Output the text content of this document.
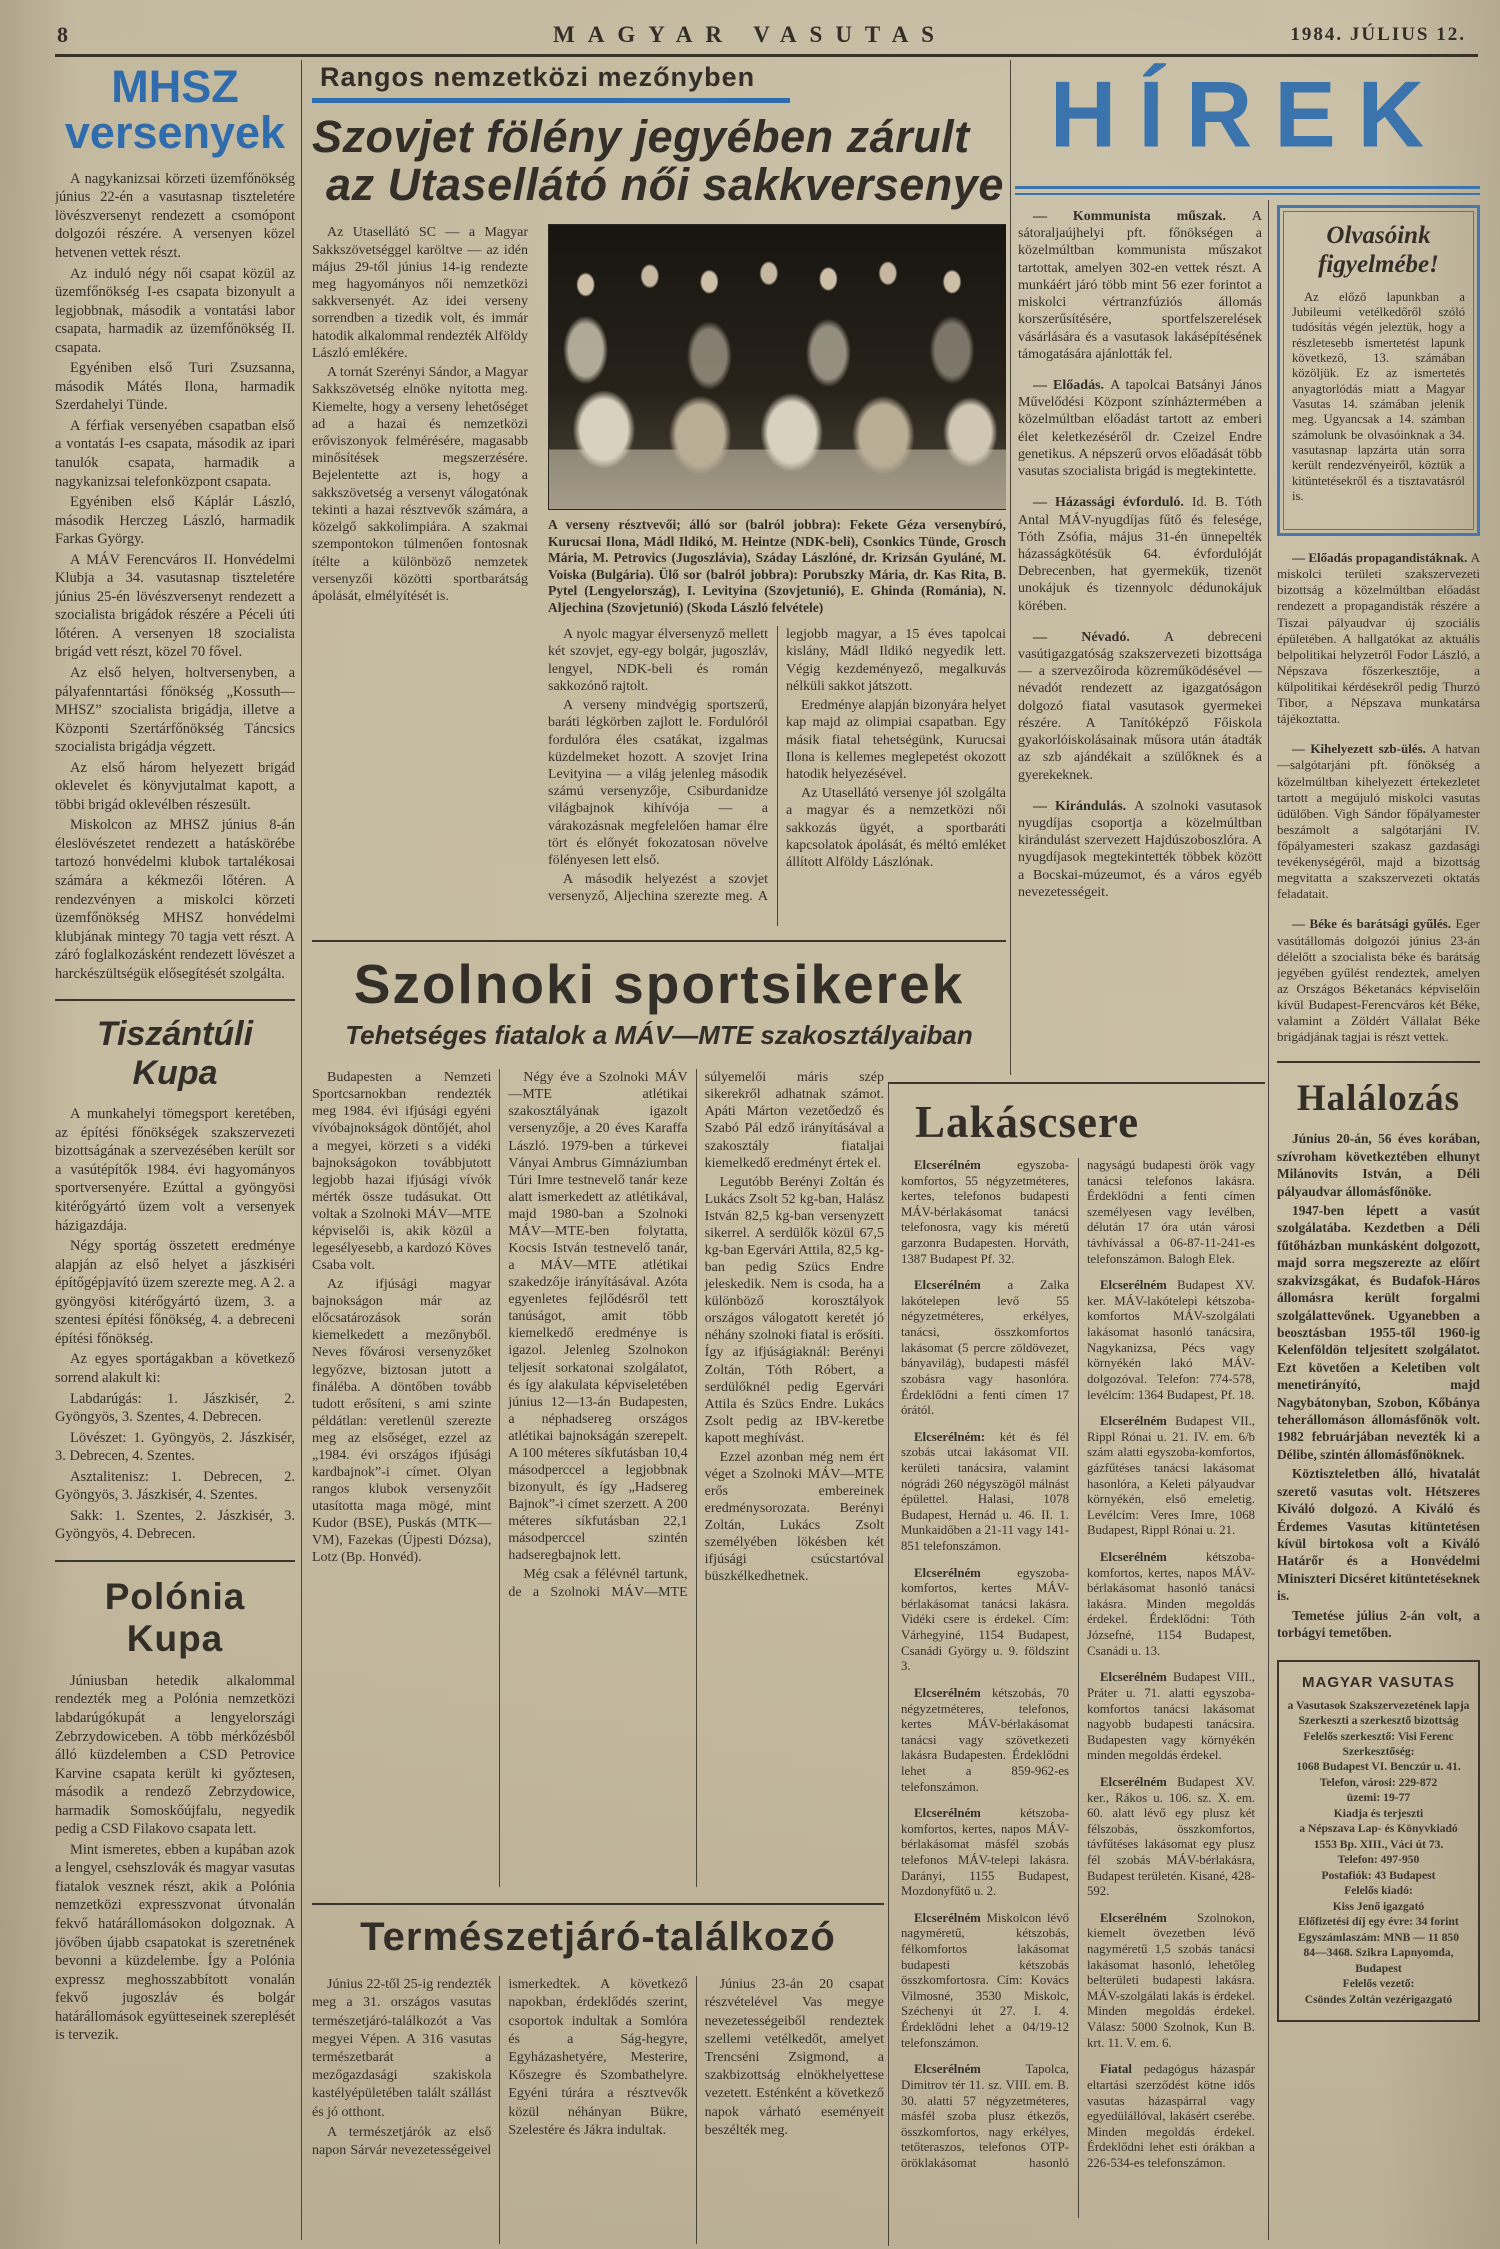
8	MAGYAR VASUTAS	1984. JÚLIUS 12.
MHSZ
versenyek

A nagykanizsai körzeti üzemfőnökség június 22-én a vasutasnap tiszteletére lövészversenyt rendezett a csomópont dolgozói részére. A versenyen közel hetvenen vettek részt.

Az induló négy női csapat közül az üzemfőnökség I-es csapata bizonyult a legjobbnak, második a vontatási labor csapata, harmadik az üzemfőnökség II. csapata.

Egyéniben első Turi Zsuzsanna, második Mátés Ilona, harmadik Szerdahelyi Tünde.

A férfiak versenyében csapatban első a vontatás I-es csapata, második az ipari tanulók csapata, harmadik a nagykanizsai telefonközpont csapata.

Egyéniben első Káplár László, második Herczeg László, harmadik Farkas György.

A MÁV Ferencváros II. Honvédelmi Klubja a 34. vasutasnap tiszteletére június 25-én lövészversenyt rendezett a szocialista brigádok részére a Péceli úti lőtéren. A versenyen 18 szocialista brigád vett részt, közel 70 fővel.

Az első helyen, holtversenyben, a pályafenntartási főnökség „Kossuth—MHSZ” szocialista brigádja, illetve a Központi Szertárfőnökség Táncsics szocialista brigádja végzett.

Az első három helyezett brigád oklevelet és könyvjutalmat kapott, a többi brigád oklevélben részesült.

Miskolcon az MHSZ június 8-án éleslövészetet rendezett a hatáskörébe tartozó honvédelmi klubok tartalékosai számára a kékmezői lőtéren. A rendezvényen a miskolci körzeti üzemfőnökség MHSZ honvédelmi klubjának mintegy 70 tagja vett részt. A záró foglalkozásként rendezett lövészet a harckészültségük elősegítését szolgálta.

Tiszántúli Kupa

A munkahelyi tömegsport keretében, az építési főnökségek szakszervezeti bizottságának a szervezésében került sor a vasútépítők 1984. évi hagyományos sportversenyére. Ezúttal a gyöngyösi kitérőgyártó üzem volt a versenyek házigazdája.

Négy sportág összetett eredménye alapján az első helyet a jászkiséri építőgépjavító üzem szerezte meg. A 2. a gyöngyösi kitérőgyártó üzem, 3. a szentesi építési főnökség, 4. a debreceni építési főnökség.

Az egyes sportágakban a következő sorrend alakult ki:

Labdarúgás: 1. Jászkisér, 2. Gyöngyös, 3. Szentes, 4. Debrecen.

Lövészet: 1. Gyöngyös, 2. Jászkisér, 3. Debrecen, 4. Szentes.

Asztalitenisz: 1. Debrecen, 2. Gyöngyös, 3. Jászkisér, 4. Szentes.

Sakk: 1. Szentes, 2. Jászkisér, 3. Gyöngyös, 4. Debrecen.

Polónia Kupa

Júniusban hetedik alkalommal rendezték meg a Polónia nemzetközi labdarúgókupát a lengyelországi Zebrzydowiceben. A több mérkőzésből álló küzdelemben a CSD Petrovice Karvine csapata került ki győztesen, második a rendező Zebrzydowice, harmadik Somoskőújfalu, negyedik pedig a CSD Filakovo csapata lett.

Mint ismeretes, ebben a kupában azok a lengyel, csehszlovák és magyar vasutas fiatalok vesznek részt, akik a Polónia nemzetközi expresszvonat útvonalán fekvő határállomásokon dolgoznak. A jövőben újabb csapatokat is szeretnének bevonni a küzdelembe. Így a Polónia expressz meghosszabbított vonalán fekvő jugoszláv és bolgár határállomások együtteseinek szereplését is tervezik.

Rangos nemzetközi mezőnyben
Szovjet fölény jegyében zárult
az Utasellátó női sakkversenye

Az Utasellátó SC — a Magyar Sakkszövetséggel karöltve — az idén május 29-től június 14-ig rendezte meg hagyományos női nemzetközi sakkversenyét. Az idei verseny sorrendben a tizedik volt, és immár hatodik alkalommal rendezték Alföldy László emlékére.

A tornát Szerényi Sándor, a Magyar Sakkszövetség elnöke nyitotta meg. Kiemelte, hogy a verseny lehetőséget ad a hazai és nemzetközi erőviszonyok felmérésére, magasabb minősítések megszerzésére. Bejelentette azt is, hogy a sakkszövetség a versenyt válogatónak tekinti a hazai résztvevők számára, a közelgő sakkolimpiára. A szakmai szempontokon túlmenően fontosnak ítélte a különböző nemzetek versenyzői közötti sportbarátság ápolását, elmélyítését is.

A verseny résztvevői; álló sor (balról jobbra): Fekete Géza versenybíró, Kurucsai Ilona, Mádl Ildikó, M. Heintze (NDK-beli), Csonkics Tünde, Grosch Mária, M. Petrovics (Jugoszlávia), Száday Lászlóné, dr. Krizsán Gyuláné, M. Voiska (Bulgária). Ülő sor (balról jobbra): Porubszky Mária, dr. Kas Rita, B. Pytel (Lengyelország), I. Levityina (Szovjetunió), E. Ghinda (Románia), N. Aljechina (Szovjetunió) (Skoda László felvétele)

A nyolc magyar élversenyző mellett két szovjet, egy-egy bolgár, jugoszláv, lengyel, NDK-beli és román sakkozónő rajtolt.

A verseny mindvégig sportszerű, baráti légkörben zajlott le. Fordulóról fordulóra éles csatákat, izgalmas küzdelmeket hozott. A szovjet Irina Levityina — a világ jelenleg második számú versenyzője, Csiburdanidze világbajnok kihívója — a várakozásnak megfelelően hamar élre tört és előnyét fokozatosan növelve fölényesen lett első.

A második helyezést a szovjet versenyző, Aljechina szerezte meg. A legjobb magyar, a 15 éves tapolcai kislány, Mádl Ildikó negyedik lett. Végig kezdeményező, megalkuvás nélküli sakkot játszott.

Eredménye alapján bizonyára helyet kap majd az olimpiai csapatban. Egy másik fiatal tehetségünk, Kurucsai Ilona is kellemes meglepetést okozott hatodik helyezésével.

Az Utasellátó versenye jól szolgálta a magyar és a nemzetközi női sakkozás ügyét, a sportbaráti kapcsolatok ápolását, és méltó emléket állított Alföldy Lászlónak.

Szolnoki sportsikerek
Tehetséges fiatalok a MÁV—MTE szakosztályaiban

Budapesten a Nemzeti Sportcsarnokban rendezték meg 1984. évi ifjúsági egyéni vívóbajnokságok döntőjét, ahol a megyei, körzeti s a vidéki bajnokságokon továbbjutott legjobb hazai ifjúsági vívók mérték össze tudásukat. Ott voltak a Szolnoki MÁV—MTE képviselői is, akik közül a legesélyesebb, a kardozó Köves Csaba volt.

Az ifjúsági magyar bajnokságon már az előcsatározások során kiemelkedett a mezőnyből. Neves fővárosi versenyzőket legyőzve, biztosan jutott a fináléba. A döntőben tovább tudott erősíteni, s ami szinte példátlan: veretlenül szerezte meg az elsőséget, ezzel az „1984. évi országos ifjúsági kardbajnok”-i címet. Olyan rangos klubok versenyzőit utasította maga mögé, mint Kudor (BSE), Puskás (MTK—VM), Fazekas (Újpesti Dózsa), Lotz (Bp. Honvéd).

Négy éve a Szolnoki MÁV—MTE atlétikai szakosztályának igazolt versenyzője, a 20 éves Karaffa László. 1979-ben a túrkevei Ványai Ambrus Gimnáziumban Túri Imre testnevelő tanár keze alatt ismerkedett az atlétikával, majd 1980-ban a Szolnoki MÁV—MTE-ben folytatta, Kocsis István testnevelő tanár, a MÁV—MTE atlétikai szakedzője irányításával. Azóta egyenletes fejlődésről tett tanúságot, amit több kiemelkedő eredménye is igazol. Jelenleg Szolnokon teljesít sorkatonai szolgálatot, és így alakulata képviseletében június 12—13-án Budapesten, a néphadsereg országos atlétikai bajnokságán szerepelt. A 100 méteres síkfutásban 10,4 másodperccel a legjobbnak bizonyult, és így „Hadsereg Bajnok”-i címet szerzett. A 200 méteres síkfutásban 22,1 másodperccel szintén hadseregbajnok lett.

Még csak a félévnél tartunk, de a Szolnoki MÁV—MTE súlyemelői máris szép sikerekről adhatnak számot. Apáti Márton vezetőedző és Szabó Pál edző irányításával a szakosztály fiataljai kiemelkedő eredményt értek el.

Legutóbb Berényi Zoltán és Lukács Zsolt 52 kg-ban, Halász István 82,5 kg-ban versenyzett sikerrel. A serdülők közül 67,5 kg-ban Egervári Attila, 82,5 kg-ban pedig Szücs Endre jeleskedik. Nem is csoda, ha a különböző korosztályok országos válogatott keretét jó néhány szolnoki fiatal is erősíti. Így az ifjúságiaknál: Berényi Zoltán, Tóth Róbert, a serdülőknél pedig Egervári Attila és Szücs Endre. Lukács Zsolt pedig az IBV-keretbe kapott meghívást.

Ezzel azonban még nem ért véget a Szolnoki MÁV—MTE erős embereinek eredménysorozata. Berényi Zoltán, Lukács Zsolt személyében lökésben két ifjúsági csúcstartóval büszkélkedhetnek.

Természetjáró-találkozó

Június 22-től 25-ig rendezték meg a 31. országos vasutas természetjáró-találkozót a Vas megyei Vépen. A 316 vasutas természetbarát a mezőgazdasági szakiskola kastélyépületében talált szállást és jó otthont.

A természetjárók az első napon Sárvár nevezetességeivel ismerkedtek. A következő napokban, érdeklődés szerint, csoportok indultak a Somlóra és a Ság-hegyre, Egyházashetyére, Mesterire, Kőszegre és Szombathelyre. Egyéni túrára a résztvevők közül néhányan Bükre, Szelestére és Jákra indultak.

Június 23-án 20 csapat részvételével Vas megye nevezetességeiből rendeztek szellemi vetélkedőt, amelyet Trencséni Zsigmond, a szakbizottság elnökhelyettese vezetett. Esténként a következő napok várható eseményeit beszélték meg.

HÍREK

— Kommunista műszak. A sátoraljaújhelyi pft. főnökségen a közelmúltban kommunista műszakot tartottak, amelyen 302-en vettek részt. A munkáért járó több mint 56 ezer forintot a miskolci vértranzfúziós állomás korszerűsítésére, sportfelszerelések vásárlására és a vasutasok lakásépítésének támogatására ajánlották fel.

— Előadás. A tapolcai Batsányi János Művelődési Központ színháztermében a közelmúltban előadást tartott az emberi élet keletkezéséről dr. Czeizel Endre genetikus. A népszerű orvos előadását több vasutas szocialista brigád is megtekintette.

— Házassági évforduló. Id. B. Tóth Antal MÁV-nyugdíjas fűtő és felesége, Tóth Zsófia, május 31-én ünnepelték házasságkötésük 64. évfordulóját Debrecenben, hat gyermekük, tizenöt unokájuk és tizennyolc dédunokájuk körében.

— Névadó. A debreceni vasútigazgatóság szakszervezeti bizottsága — a szervezőiroda közreműködésével — névadót rendezett az igazgatóságon dolgozó fiatal vasutasok gyermekei részére. A Tanítóképző Főiskola gyakorlóiskolásainak műsora után átadták az szb ajándékait a szülőknek és a gyerekeknek.

— Kirándulás. A szolnoki vasutasok nyugdíjas csoportja a közelmúltban kirándulást szervezett Hajdúszoboszlóra. A nyugdíjasok megtekintették többek között a Bocskai-múzeumot, és a város egyéb nevezetességeit.

Lakáscsere

Elcserélném egyszoba-komfortos, 55 négyzetméteres, kertes, telefonos budapesti MÁV-bérlakásomat tanácsi telefonosra, vagy kis méretű garzonra Budapesten. Horváth, 1387 Budapest Pf. 32.

Elcserélném a Zalka lakótelepen levő 55 négyzetméteres, erkélyes, tanácsi, összkomfortos lakásomat (5 percre zöldövezet, bányavilág), budapesti másfél szobásra vagy hasonlóra. Érdeklődni a fenti címen 17 órától.

Elcserélném: két és fél szobás utcai lakásomat VII. kerületi tanácsira, valamint nógrádi 260 négyszögöl málnást épülettel. Halasi, 1078 Budapest, Hernád u. 46. II. 1. Munkaidőben a 21-11 vagy 141-851 telefonszámon.

Elcserélném egyszoba-komfortos, kertes MÁV-bérlakásomat tanácsi lakásra. Vidéki csere is érdekel. Cím: Várhegyiné, 1154 Budapest, Csanádi György u. 9. földszint 3.

Elcserélném kétszobás, 70 négyzetméteres, telefonos, kertes MÁV-bérlakásomat tanácsi vagy szövetkezeti lakásra Budapesten. Érdeklődni lehet a 859-962-es telefonszámon.

Elcserélném kétszoba-komfortos, kertes, napos MÁV-bérlakásomat másfél szobás telefonos MÁV-telepi lakásra. Darányi, 1155 Budapest, Mozdonyfűtő u. 2.

Elcserélném Miskolcon lévő nagyméretű, kétszobás, félkomfortos lakásomat budapesti kétszobás összkomfortosra. Cím: Kovács Vilmosné, 3530 Miskolc, Széchenyi út 27. I. 4. Érdeklődni lehet a 04/19-12 telefonszámon.

Elcserélném Tapolca, Dimitrov tér 11. sz. VIII. em. B. 30. alatti 57 négyzetméteres, másfél szoba plusz étkezős, összkomfortos, nagy erkélyes, tetőteraszos, telefonos OTP-öröklakásomat hasonló nagyságú budapesti örök vagy tanácsi telefonos lakásra. Érdeklődni a fenti címen személyesen vagy levélben, délután 17 óra után városi távhívással a 06-87-11-241-es telefonszámon. Balogh Elek.

Elcserélném Budapest XV. ker. MÁV-lakótelepi kétszoba-komfortos MÁV-szolgálati lakásomat hasonló tanácsira, Nagykanizsa, Pécs vagy környékén lakó MÁV-dolgozóval. Telefon: 774-578, levélcím: 1364 Budapest, Pf. 18.

Elcserélném Budapest VII., Rippl Rónai u. 21. IV. em. 6/b szám alatti egyszoba-komfortos, gázfűtéses tanácsi lakásomat hasonlóra, a Keleti pályaudvar környékén, első emeletig. Levélcím: Veres Imre, 1068 Budapest, Rippl Rónai u. 21.

Elcserélném kétszoba-komfortos, kertes, napos MÁV-bérlakásomat hasonló tanácsi lakásra. Minden megoldás érdekel. Érdeklődni: Tóth Józsefné, 1154 Budapest, Csanádi u. 13.

Elcserélném Budapest VIII., Práter u. 71. alatti egyszoba-komfortos tanácsi lakásomat nagyobb budapesti tanácsira. Budapesten vagy környékén minden megoldás érdekel.

Elcserélném Budapest XV. ker., Rákos u. 106. sz. X. em. 60. alatt lévő egy plusz két félszobás, összkomfortos, távfűtéses lakásomat egy plusz fél szobás MÁV-bérlakásra, Budapest területén. Kisané, 428-592.

Elcserélném Szolnokon, kiemelt övezetben lévő nagyméretű 1,5 szobás tanácsi lakásomat hasonló, lehetőleg belterületi budapesti lakásra. MÁV-szolgálati lakás is érdekel. Minden megoldás érdekel. Válasz: 5000 Szolnok, Kun B. krt. 11. V. em. 6.

Fiatal pedagógus házaspár eltartási szerződést kötne idős vasutas házaspárral vagy egyedülállóval, lakásért cserébe. Minden megoldás érdekel. Érdeklődni lehet esti órákban a 226-534-es telefonszámon.

Olvasóink
figyelmébe!

Az előző lapunkban a Jubileumi vetélkedőről szóló tudósítás végén jeleztük, hogy a részletesebb ismertetést lapunk következő, 13. számában közöljük. Ez az ismertetés anyagtorlódás miatt a Magyar Vasutas 14. számában jelenik meg. Ugyancsak a 14. számban számolunk be olvasóinknak a 34. vasutasnap lapzárta után sorra került rendezvényeiről, köztük a kitüntetésekről és a tisztavatásról is.

— Előadás propagandistáknak. A miskolci területi szakszervezeti bizottság a közelmúltban előadást rendezett a propagandisták részére a Tiszai pályaudvar új szociális épületében. A hallgatókat az aktuális belpolitikai helyzetről Fodor László, a Népszava főszerkesztője, a külpolitikai kérdésekről pedig Thurzó Tibor, a Népszava munkatársa tájékoztatta.

— Kihelyezett szb-ülés. A hatvan—salgótarjáni pft. főnökség a közelmúltban kihelyezett értekezletet tartott a megújuló miskolci vasutas üdülőben. Vigh Sándor főpályamester beszámolt a salgótarjáni IV. főpályamesteri szakasz gazdasági tevékenységéről, majd a bizottság megvitatta a szakszervezeti oktatás feladatait.

— Béke és barátsági gyűlés. Eger vasútállomás dolgozói június 23-án délelőtt a szocialista béke és barátság jegyében gyűlést rendeztek, amelyen az Országos Béketanács képviselőin kívül Budapest-Ferencváros két Béke, valamint a Zöldért Vállalat Béke brigádjának tagjai is részt vettek.

Halálozás

Június 20-án, 56 éves korában, szívroham következtében elhunyt Milánovits István, a Déli pályaudvar állomásfőnöke.

1947-ben lépett a vasút szolgálatába. Kezdetben a Déli fűtőházban munkásként dolgozott, majd sorra megszerezte az előírt szakvizsgákat, és Budafok-Háros állomásra került forgalmi szolgálattevőnek. Ugyanebben a beosztásban 1955-től 1960-ig Kelenföldön teljesített szolgálatot. Ezt követően a Keletiben volt menetirányító, majd Nagybátonyban, Szobon, Kőbánya teherállomáson állomásfőnök volt. 1982 februárjában nevezték ki a Délibe, szintén állomásfőnöknek.

Köztiszteletben álló, hivatalát szerető vasutas volt. Hétszeres Kiváló dolgozó. A Kiváló és Érdemes Vasutas kitüntetésen kívül birtokosa volt a Kiváló Határőr és a Honvédelmi Miniszteri Dicséret kitüntetéseknek is.

Temetése július 2-án volt, a torbágyi temetőben.

MAGYAR VASUTAS
a Vasutasok Szakszervezetének lapja
Szerkeszti a szerkesztő bizottság
Felelős szerkesztő: Visi Ferenc
Szerkesztőség:
1068 Budapest VI. Benczúr u. 41.
Telefon, városi: 229-872
üzemi: 19-77
Kiadja és terjeszti
a Népszava Lap- és Könyvkiadó
1553 Bp. XIII., Váci út 73.
Telefon: 497-950
Postafiók: 43 Budapest
Felelős kiadó:
Kiss Jenő igazgató
Előfizetési díj egy évre: 34 forint
Egyszámlaszám: MNB — 11 850
84—3468. Szikra Lapnyomda,
Budapest
Felelős vezető:
Csöndes Zoltán vezérigazgató
